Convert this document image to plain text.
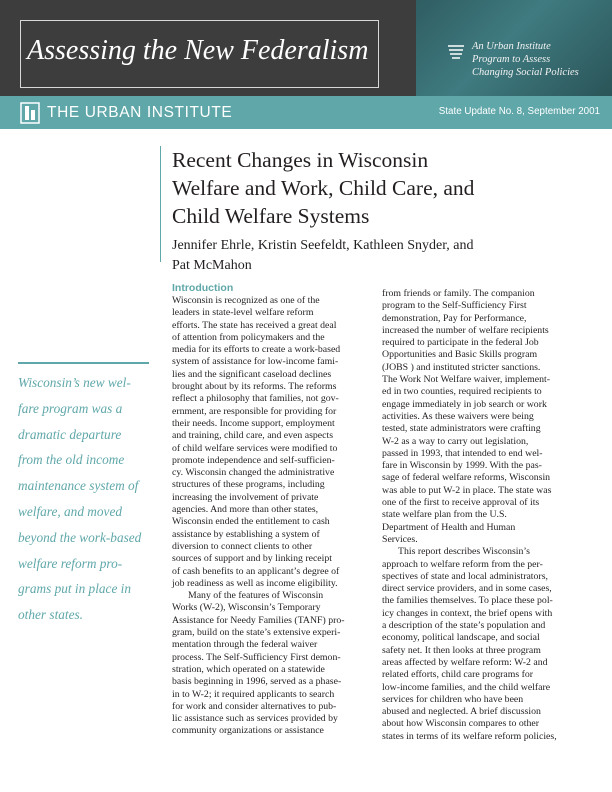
Assessing the New Federalism	An Urban Institute
Program to Assess
Changing Social Policies
THE URBAN INSTITUTE	State Update No. 8, September 2001
Recent Changes in Wisconsin
Welfare and Work, Child Care, and
Child Welfare Systems
Jennifer Ehrle, Kristin Seefeldt, Kathleen Snyder, and
Pat McMahon
Introduction
Wisconsin’s new wel-
fare program was a
dramatic departure
from the old income
maintenance system of
welfare, and moved
beyond the work-based
welfare reform pro-
grams put in place in
other states.
Wisconsin is recognized as one of the
leaders in state-level welfare reform
efforts. The state has received a great deal
of attention from policymakers and the
media for its efforts to create a work-based
system of assistance for low-income fami-
lies and the significant caseload declines
brought about by its reforms. The reforms
reflect a philosophy that families, not gov-
ernment, are responsible for providing for
their needs. Income support, employment
and training, child care, and even aspects
of child welfare services were modified to
promote independence and self-sufficien-
cy. Wisconsin changed the administrative
structures of these programs, including
increasing the involvement of private
agencies. And more than other states,
Wisconsin ended the entitlement to cash
assistance by establishing a system of
diversion to connect clients to other
sources of support and by linking receipt
of cash benefits to an applicant’s degree of
job readiness as well as income eligibility.
Many of the features of Wisconsin
Works (W-2), Wisconsin’s Temporary
Assistance for Needy Families (TANF) pro-
gram, build on the state’s extensive experi-
mentation through the federal waiver
process. The Self-Sufficiency First demon-
stration, which operated on a statewide
basis beginning in 1996, served as a phase-
in to W-2; it required applicants to search
for work and consider alternatives to pub-
lic assistance such as services provided by
community organizations or assistance
from friends or family. The companion
program to the Self-Sufficiency First
demonstration, Pay for Performance,
increased the number of welfare recipients
required to participate in the federal Job
Opportunities and Basic Skills program
(JOBS ) and instituted stricter sanctions.
The Work Not Welfare waiver, implement-
ed in two counties, required recipients to
engage immediately in job search or work
activities. As these waivers were being
tested, state administrators were crafting
W-2 as a way to carry out legislation,
passed in 1993, that intended to end wel-
fare in Wisconsin by 1999. With the pas-
sage of federal welfare reforms, Wisconsin
was able to put W-2 in place. The state was
one of the first to receive approval of its
state welfare plan from the U.S.
Department of Health and Human
Services.
This report describes Wisconsin’s
approach to welfare reform from the per-
spectives of state and local administrators,
direct service providers, and in some cases,
the families themselves. To place these pol-
icy changes in context, the brief opens with
a description of the state’s population and
economy, political landscape, and social
safety net. It then looks at three program
areas affected by welfare reform: W-2 and
related efforts, child care programs for
low-income families, and the child welfare
services for children who have been
abused and neglected. A brief discussion
about how Wisconsin compares to other
states in terms of its welfare reform policies,
